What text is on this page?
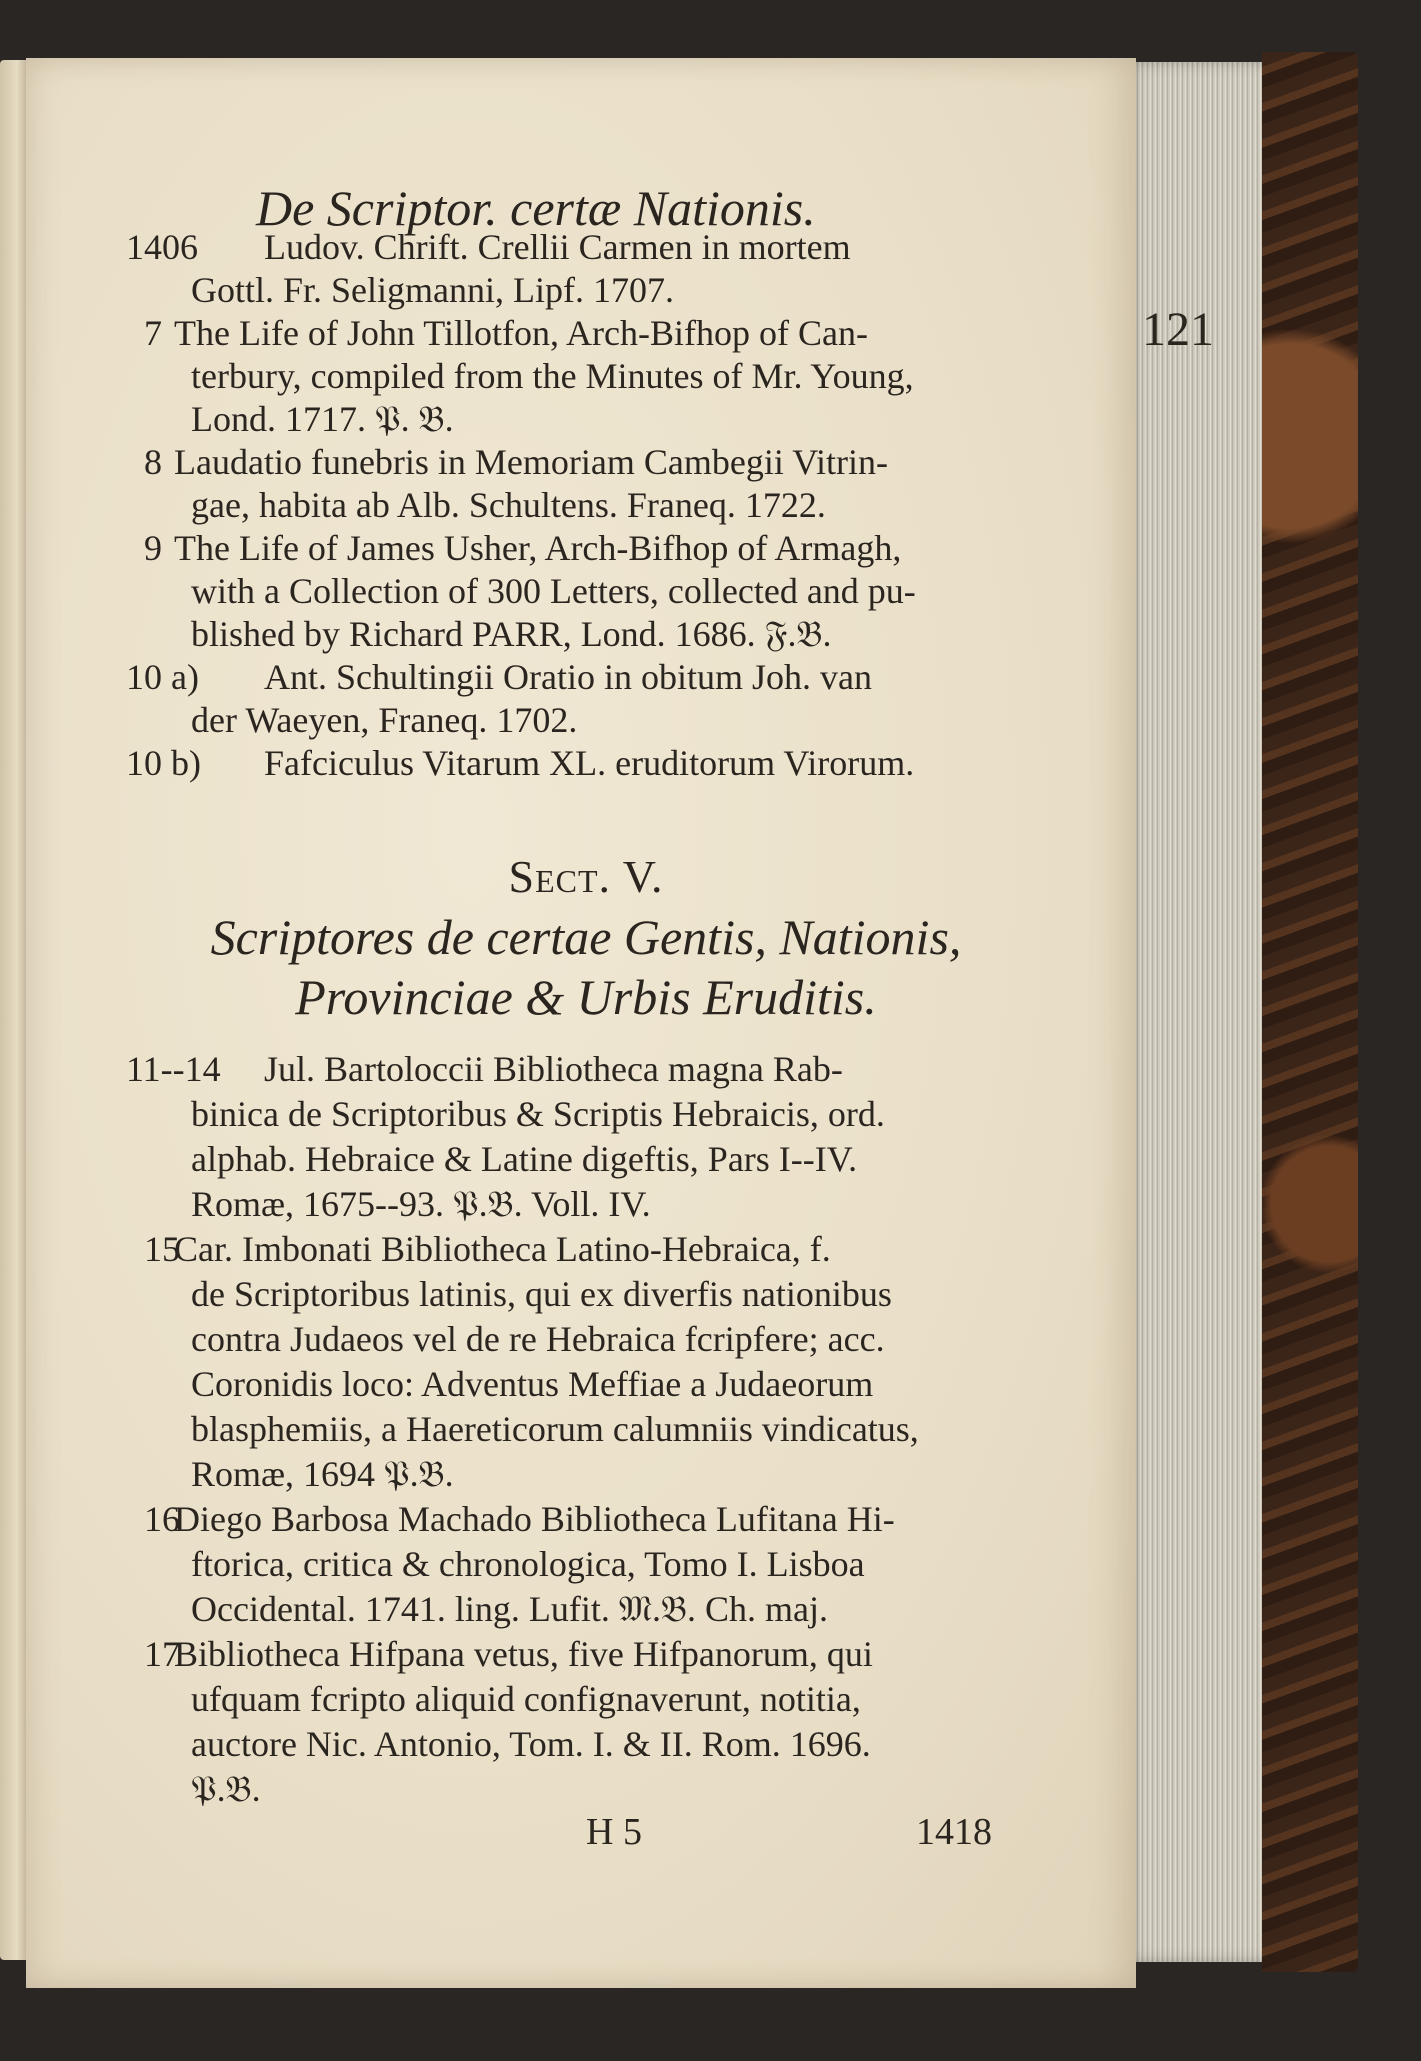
De Scriptor. certæ Nationis.
121
1406 Ludov. Chrift. Crellii Carmen in mortem
Gottl. Fr. Seligmanni, Lipf. 1707.
7 The Life of John Tillotfon, Arch-Bifhop of Can-
terbury, compiled from the Minutes of Mr. Young,
Lond. 1717. 𝔓. 𝔅.
8 Laudatio funebris in Memoriam Cambegii Vitrin-
gae, habita ab Alb. Schultens. Franeq. 1722.
9 The Life of James Usher, Arch-Bifhop of Armagh,
with a Collection of 300 Letters, collected and pu-
blished by Richard PARR, Lond. 1686. 𝔉.𝔅.
10 a) Ant. Schultingii Oratio in obitum Joh. van
der Waeyen, Franeq. 1702.
10 b) Fafciculus Vitarum XL. eruditorum Virorum.
Sect. V.
Scriptores de certae Gentis, Nationis,
Provinciae & Urbis Eruditis.
11--14 Jul. Bartoloccii Bibliotheca magna Rab-
binica de Scriptoribus & Scriptis Hebraicis, ord.
alphab. Hebraice & Latine digeftis, Pars I--IV.
Romæ, 1675--93. 𝔓.𝔅. Voll. IV.
15
Car. Imbonati Bibliotheca Latino-Hebraica, f.
de Scriptoribus latinis, qui ex diverfis nationibus
contra Judaeos vel de re Hebraica fcripfere; acc.
Coronidis loco: Adventus Meffiae a Judaeorum
blasphemiis, a Haereticorum calumniis vindicatus,
Romæ, 1694 𝔓.𝔅.
16
Diego Barbosa Machado Bibliotheca Lufitana Hi-
ftorica, critica & chronologica, Tomo I. Lisboa
Occidental. 1741. ling. Lufit. 𝔐.𝔅. Ch. maj.
17
Bibliotheca Hifpana vetus, five Hifpanorum, qui
ufquam fcripto aliquid confignaverunt, notitia,
auctore Nic. Antonio, Tom. I. & II. Rom. 1696.
𝔓.𝔅.
H 5	1418
